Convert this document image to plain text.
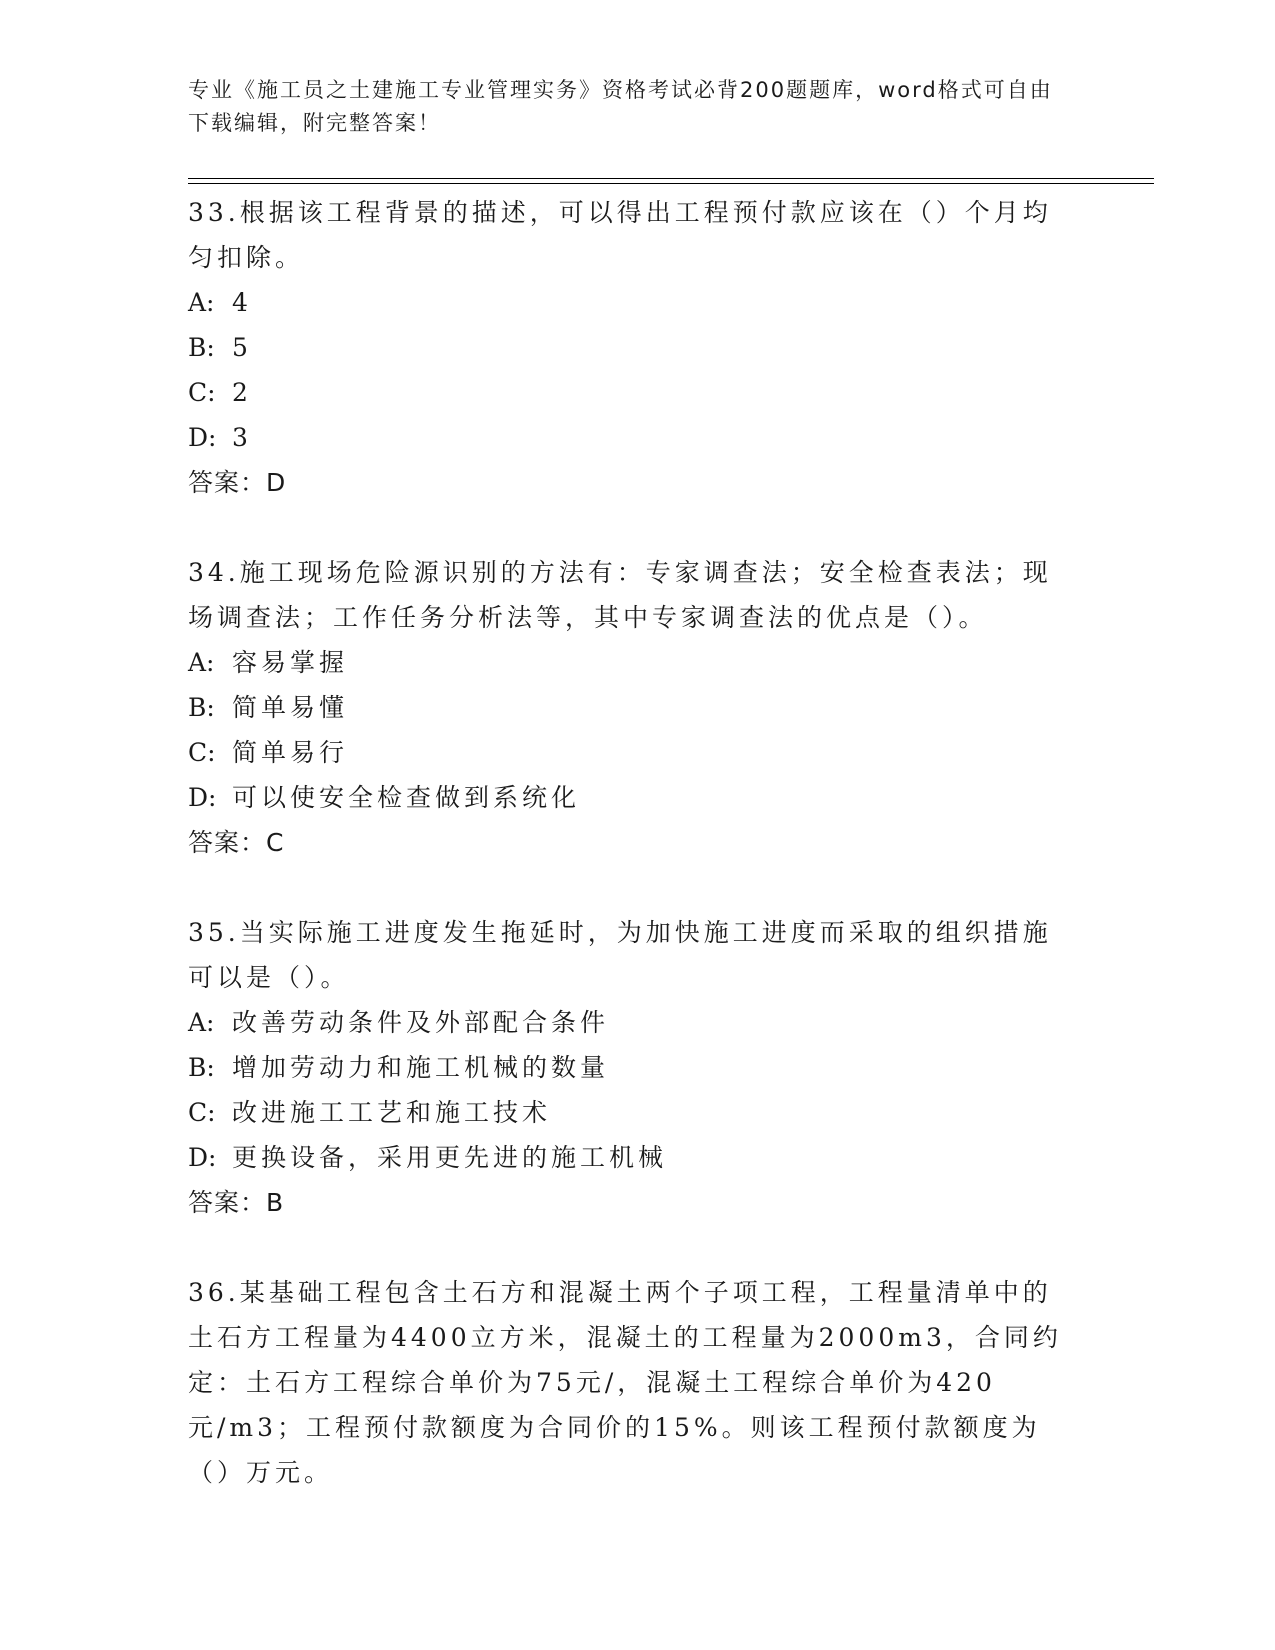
专业《施工员之土建施工专业管理实务》资格考试必背200题题库，word格式可自由下载编辑，附完整答案！
33.根据该工程背景的描述，可以得出工程预付款应该在（）个月均匀扣除。
A: 4
B: 5
C: 2
D: 3
答案：D
34.施工现场危险源识别的方法有：专家调查法；安全检查表法；现场调查法；工作任务分析法等，其中专家调查法的优点是（）。
A: 容易掌握
B: 简单易懂
C: 简单易行
D: 可以使安全检查做到系统化
答案：C
35.当实际施工进度发生拖延时，为加快施工进度而采取的组织措施可以是（）。
A: 改善劳动条件及外部配合条件
B: 增加劳动力和施工机械的数量
C: 改进施工工艺和施工技术
D: 更换设备，采用更先进的施工机械
答案：B
36.某基础工程包含土石方和混凝土两个子项工程，工程量清单中的土石方工程量为4400立方米，混凝土的工程量为2000m3，合同约定：土石方工程综合单价为75元/，混凝土工程综合单价为420元/m3；工程预付款额度为合同价的15%。则该工程预付款额度为（）万元。
